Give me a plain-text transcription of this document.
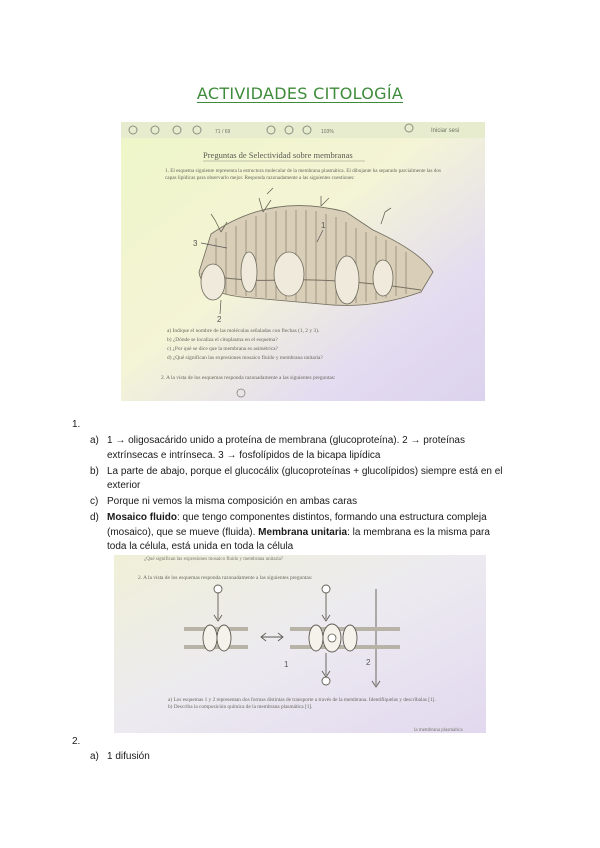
ACTIVIDADES CITOLOGÍA
71 / 69	103%	Iniciar sesi
Preguntas de Selectividad sobre membranas
1. El esquema siguiente representa la estructura molecular de la membrana plasmática. El dibujante ha separado parcialmente las dos capas lipídicas para observarlo mejor. Responda razonadamente a las siguientes cuestiones:
3
1
2
a) Indique el nombre de las moléculas señaladas con flechas (1, 2 y 3).
b) ¿Dónde se localiza el citoplasma en el esquema?
c) ¿Por qué se dice que la membrana es asimétrica?
d) ¿Qué significan las expresiones mosaico fluido y membrana unitaria?
2. A la vista de los esquemas responda razonadamente a las siguientes preguntas:
1.
a) 1 → oligosacárido unido a proteína de membrana (glucoproteína). 2 → proteínas extrínsecas e intrínseca. 3 → fosfolípidos de la bicapa lipídica
b) La parte de abajo, porque el glucocálix (glucoproteínas + glucolípidos) siempre está en el exterior
c) Porque ni vemos la misma composición en ambas caras
d) Mosaico fluido: que tengo componentes distintos, formando una estructura compleja (mosaico), que se mueve (fluida). Membrana unitaria: la membrana es la misma para toda la célula, está unida en toda la célula
¿Qué significan las expresiones mosaico fluido y membrana unitaria?
2. A la vista de los esquemas responda razonadamente a las siguientes preguntas:
1	2
a) Los esquemas 1 y 2 representan dos formas distintas de transporte a través de la membrana. Identifíquelas y descríbalas [1].
b) Describa la composición química de la membrana plasmática [1].
la membrana plasmática
2.
a) 1 difusión
